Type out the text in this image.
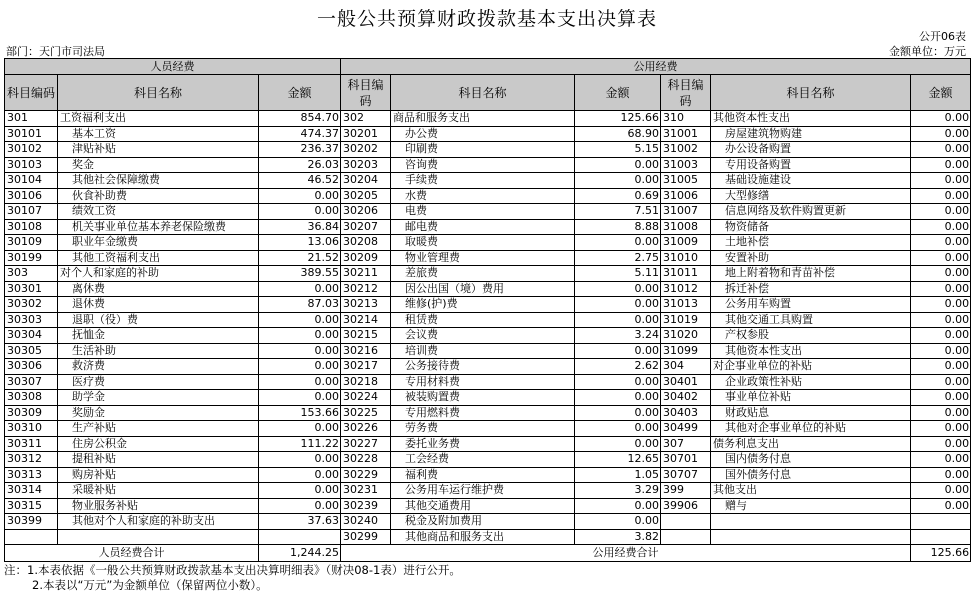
一般公共预算财政拨款基本支出决算表
公开06表
部门：天门市司法局	金额单位：万元
人员经费			公用经费					
科目编码	科目名称	金额	科目编码	科目名称	金额	科目编码	科目名称	金额
301	工资福利支出	854.70	302	商品和服务支出	125.66	310	其他资本性支出	0.00
30101	基本工资	474.37	30201	办公费	68.90	31001	房屋建筑物购建	0.00
30102	津贴补贴	236.37	30202	印刷费	5.15	31002	办公设备购置	0.00
30103	奖金	26.03	30203	咨询费	0.00	31003	专用设备购置	0.00
30104	其他社会保障缴费	46.52	30204	手续费	0.00	31005	基础设施建设	0.00
30106	伙食补助费	0.00	30205	水费	0.69	31006	大型修缮	0.00
30107	绩效工资	0.00	30206	电费	7.51	31007	信息网络及软件购置更新	0.00
30108	机关事业单位基本养老保险缴费	36.84	30207	邮电费	8.88	31008	物资储备	0.00
30109	职业年金缴费	13.06	30208	取暖费	0.00	31009	土地补偿	0.00
30199	其他工资福利支出	21.52	30209	物业管理费	2.75	31010	安置补助	0.00
303	对个人和家庭的补助	389.55	30211	差旅费	5.11	31011	地上附着物和青苗补偿	0.00
30301	离休费	0.00	30212	因公出国（境）费用	0.00	31012	拆迁补偿	0.00
30302	退休费	87.03	30213	维修(护)费	0.00	31013	公务用车购置	0.00
30303	退职（役）费	0.00	30214	租赁费	0.00	31019	其他交通工具购置	0.00
30304	抚恤金	0.00	30215	会议费	3.24	31020	产权参股	0.00
30305	生活补助	0.00	30216	培训费	0.00	31099	其他资本性支出	0.00
30306	救济费	0.00	30217	公务接待费	2.62	304	对企事业单位的补贴	0.00
30307	医疗费	0.00	30218	专用材料费	0.00	30401	企业政策性补贴	0.00
30308	助学金	0.00	30224	被装购置费	0.00	30402	事业单位补贴	0.00
30309	奖励金	153.66	30225	专用燃料费	0.00	30403	财政贴息	0.00
30310	生产补贴	0.00	30226	劳务费	0.00	30499	其他对企事业单位的补贴	0.00
30311	住房公积金	111.22	30227	委托业务费	0.00	307	债务利息支出	0.00
30312	提租补贴	0.00	30228	工会经费	12.65	30701	国内债务付息	0.00
30313	购房补贴	0.00	30229	福利费	1.05	30707	国外债务付息	0.00
30314	采暖补贴	0.00	30231	公务用车运行维护费	3.29	399	其他支出	0.00
30315	物业服务补贴	0.00	30239	其他交通费用	0.00	39906	赠与	0.00
30399	其他对个人和家庭的补助支出	37.63	30240	税金及附加费用	0.00			
			30299	其他商品和服务支出	3.82			
人员经费合计		1,244.25	公用经费合计					125.66
注：1.本表依据《一般公共预算财政拨款基本支出决算明细表》（财决08-1表）进行公开。
2.本表以“万元”为金额单位（保留两位小数）。
